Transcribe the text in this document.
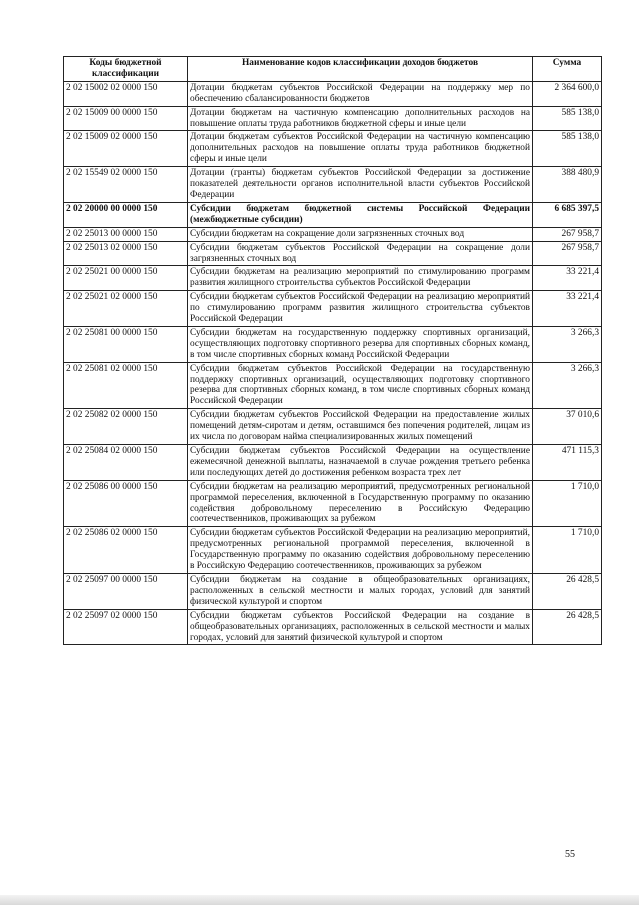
Коды бюджетной классификации	Наименование кодов классификации доходов бюджетов	Сумма
2 02 15002 02 0000 150	Дотации бюджетам субъектов Российской Федерации на поддержку мер по обеспечению сбалансированности бюджетов	2 364 600,0
2 02 15009 00 0000 150	Дотации бюджетам на частичную компенсацию дополнительных расходов на повышение оплаты труда работников бюджетной сферы и иные цели	585 138,0
2 02 15009 02 0000 150	Дотации бюджетам субъектов Российской Федерации на частичную компенсацию дополнительных расходов на повышение оплаты труда работников бюджетной сферы и иные цели	585 138,0
2 02 15549 02 0000 150	Дотации (гранты) бюджетам субъектов Российской Федерации за достижение показателей деятельности органов исполнительной власти субъектов Российской Федерации	388 480,9
2 02 20000 00 0000 150	Субсидии бюджетам бюджетной системы Российской Федерации (межбюджетные субсидии)	6 685 397,5
2 02 25013 00 0000 150	Субсидии бюджетам на сокращение доли загрязненных сточных вод	267 958,7
2 02 25013 02 0000 150	Субсидии бюджетам субъектов Российской Федерации на сокращение доли загрязненных сточных вод	267 958,7
2 02 25021 00 0000 150	Субсидии бюджетам на реализацию мероприятий по стимулированию программ развития жилищного строительства субъектов Российской Федерации	33 221,4
2 02 25021 02 0000 150	Субсидии бюджетам субъектов Российской Федерации на реализацию мероприятий по стимулированию программ развития жилищного строительства субъектов Российской Федерации	33 221,4
2 02 25081 00 0000 150	Субсидии бюджетам на государственную поддержку спортивных организаций, осуществляющих подготовку спортивного резерва для спортивных сборных команд, в том числе спортивных сборных команд Российской Федерации	3 266,3
2 02 25081 02 0000 150	Субсидии бюджетам субъектов Российской Федерации на государственную поддержку спортивных организаций, осуществляющих подготовку спортивного резерва для спортивных сборных команд, в том числе спортивных сборных команд Российской Федерации	3 266,3
2 02 25082 02 0000 150	Субсидии бюджетам субъектов Российской Федерации на предоставление жилых помещений детям-сиротам и детям, оставшимся без попечения родителей, лицам из их числа по договорам найма специализированных жилых помещений	37 010,6
2 02 25084 02 0000 150	Субсидии бюджетам субъектов Российской Федерации на осуществление ежемесячной денежной выплаты, назначаемой в случае рождения третьего ребенка или последующих детей до достижения ребенком возраста трех лет	471 115,3
2 02 25086 00 0000 150	Субсидии бюджетам на реализацию мероприятий, предусмотренных региональной программой переселения, включенной в Государственную программу по оказанию содействия добровольному переселению в Российскую Федерацию соотечественников, проживающих за рубежом	1 710,0
2 02 25086 02 0000 150	Субсидии бюджетам субъектов Российской Федерации на реализацию мероприятий, предусмотренных региональной программой переселения, включенной в Государственную программу по оказанию содействия добровольному переселению в Российскую Федерацию соотечественников, проживающих за рубежом	1 710,0
2 02 25097 00 0000 150	Субсидии бюджетам на создание в общеобразовательных организациях, расположенных в сельской местности и малых городах, условий для занятий физической культурой и спортом	26 428,5
2 02 25097 02 0000 150	Субсидии бюджетам субъектов Российской Федерации на создание в общеобразовательных организациях, расположенных в сельской местности и малых городах, условий для занятий физической культурой и спортом	26 428,5
55
